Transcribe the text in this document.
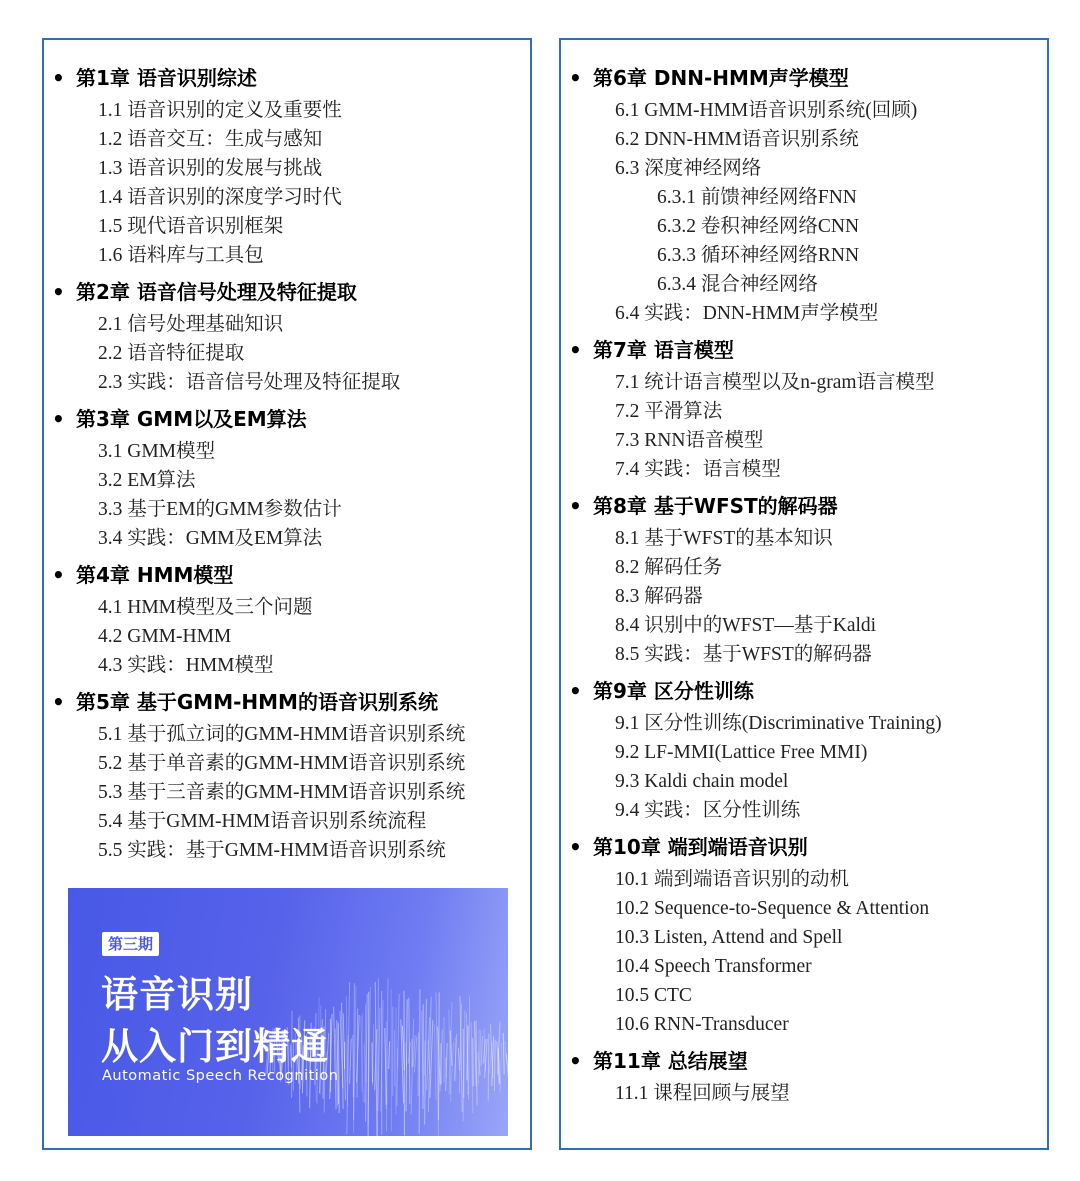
• 第1章 语音识别综述
1.1 语音识别的定义及重要性
1.2 语音交互：生成与感知
1.3 语音识别的发展与挑战
1.4 语音识别的深度学习时代
1.5 现代语音识别框架
1.6 语料库与工具包
• 第2章 语音信号处理及特征提取
2.1 信号处理基础知识
2.2 语音特征提取
2.3 实践：语音信号处理及特征提取
• 第3章 GMM以及EM算法
3.1 GMM模型
3.2 EM算法
3.3 基于EM的GMM参数估计
3.4 实践：GMM及EM算法
• 第4章 HMM模型
4.1 HMM模型及三个问题
4.2 GMM-HMM
4.3 实践：HMM模型
• 第5章 基于GMM-HMM的语音识别系统
5.1 基于孤立词的GMM-HMM语音识别系统
5.2 基于单音素的GMM-HMM语音识别系统
5.3 基于三音素的GMM-HMM语音识别系统
5.4 基于GMM-HMM语音识别系统流程
5.5 实践：基于GMM-HMM语音识别系统
第三期
语音识别
从入门到精通
Automatic Speech Recognition
• 第6章 DNN-HMM声学模型
6.1 GMM-HMM语音识别系统(回顾)
6.2 DNN-HMM语音识别系统
6.3 深度神经网络
6.3.1 前馈神经网络FNN
6.3.2 卷积神经网络CNN
6.3.3 循环神经网络RNN
6.3.4 混合神经网络
6.4 实践：DNN-HMM声学模型
• 第7章 语言模型
7.1 统计语言模型以及n-gram语言模型
7.2 平滑算法
7.3 RNN语音模型
7.4 实践：语言模型
• 第8章 基于WFST的解码器
8.1 基于WFST的基本知识
8.2 解码任务
8.3 解码器
8.4 识别中的WFST—基于Kaldi
8.5 实践：基于WFST的解码器
• 第9章 区分性训练
9.1 区分性训练(Discriminative Training)
9.2 LF-MMI(Lattice Free MMI)
9.3 Kaldi chain model
9.4 实践：区分性训练
• 第10章 端到端语音识别
10.1 端到端语音识别的动机
10.2 Sequence-to-Sequence & Attention
10.3 Listen, Attend and Spell
10.4 Speech Transformer
10.5 CTC
10.6 RNN-Transducer
• 第11章 总结展望
11.1 课程回顾与展望
